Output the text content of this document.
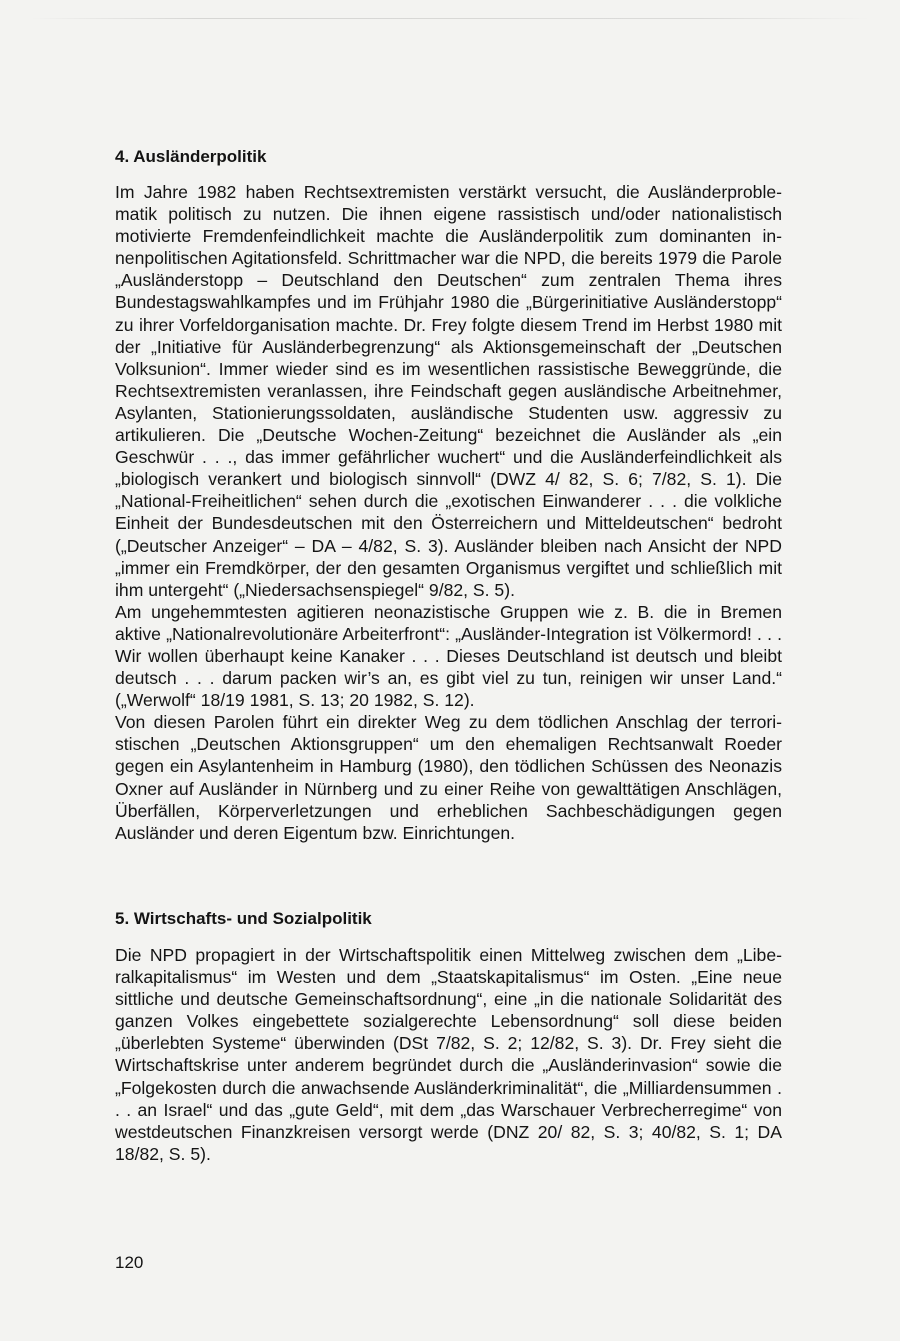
4. Ausländerpolitik

Im Jahre 1982 haben Rechtsextremisten verstärkt versucht, die Ausländerproblematik politisch zu nutzen. Die ihnen eigene rassistisch und/oder nationalistisch motivierte Fremdenfeindlichkeit machte die Ausländerpolitik zum dominanten innenpolitischen Agitationsfeld. Schrittmacher war die NPD, die bereits 1979 die Parole „Ausländerstopp – Deutschland den Deutschen“ zum zentralen Thema ihres Bundestagswahlkampfes und im Frühjahr 1980 die „Bürgerinitiative Ausländerstopp“ zu ihrer Vorfeldorganisation machte. Dr. Frey folgte diesem Trend im Herbst 1980 mit der „Initiative für Ausländerbegrenzung“ als Aktionsgemeinschaft der „Deutschen Volksunion“. Immer wieder sind es im wesentlichen rassistische Beweggründe, die Rechtsextremisten veranlassen, ihre Feindschaft gegen ausländische Arbeitnehmer, Asylanten, Stationierungssoldaten, ausländische Studenten usw. aggressiv zu artikulieren. Die „Deutsche Wochen-Zeitung“ bezeichnet die Ausländer als „ein Geschwür . . ., das immer gefährlicher wuchert“ und die Ausländerfeindlichkeit als „biologisch verankert und biologisch sinnvoll“ (DWZ 4/ 82, S. 6; 7/82, S. 1). Die „National-Freiheitlichen“ sehen durch die „exotischen Einwanderer . . . die volkliche Einheit der Bundesdeutschen mit den Österreichern und Mitteldeutschen“ bedroht („Deutscher Anzeiger“ – DA – 4/82, S. 3). Ausländer bleiben nach Ansicht der NPD „immer ein Fremdkörper, der den gesamten Organismus vergiftet und schließlich mit ihm untergeht“ („Niedersachsenspiegel“ 9/82, S. 5).

Am ungehemmtesten agitieren neonazistische Gruppen wie z. B. die in Bremen aktive „Nationalrevolutionäre Arbeiterfront“: „Ausländer-Integration ist Völkermord! . . . Wir wollen überhaupt keine Kanaker . . . Dieses Deutschland ist deutsch und bleibt deutsch . . . darum packen wir’s an, es gibt viel zu tun, reinigen wir unser Land.“ („Werwolf“ 18/19 1981, S. 13; 20 1982, S. 12).

Von diesen Parolen führt ein direkter Weg zu dem tödlichen Anschlag der terroristischen „Deutschen Aktionsgruppen“ um den ehemaligen Rechtsanwalt Roeder gegen ein Asylantenheim in Hamburg (1980), den tödlichen Schüssen des Neonazis Oxner auf Ausländer in Nürnberg und zu einer Reihe von gewalttätigen Anschlägen, Überfällen, Körperverletzungen und erheblichen Sachbeschädigungen gegen Ausländer und deren Eigentum bzw. Einrichtungen.

5. Wirtschafts- und Sozialpolitik

Die NPD propagiert in der Wirtschaftspolitik einen Mittelweg zwischen dem „Liberalkapitalismus“ im Westen und dem „Staatskapitalismus“ im Osten. „Eine neue sittliche und deutsche Gemeinschaftsordnung“, eine „in die nationale Solidarität des ganzen Volkes eingebettete sozialgerechte Lebensordnung“ soll diese beiden „überlebten Systeme“ überwinden (DSt 7/82, S. 2; 12/82, S. 3). Dr. Frey sieht die Wirtschaftskrise unter anderem begründet durch die „Ausländerinvasion“ sowie die „Folgekosten durch die anwachsende Ausländerkriminalität“, die „Milliardensummen . . . an Israel“ und das „gute Geld“, mit dem „das Warschauer Verbrecherregime“ von westdeutschen Finanzkreisen versorgt werde (DNZ 20/ 82, S. 3; 40/82, S. 1; DA 18/82, S. 5).

120
